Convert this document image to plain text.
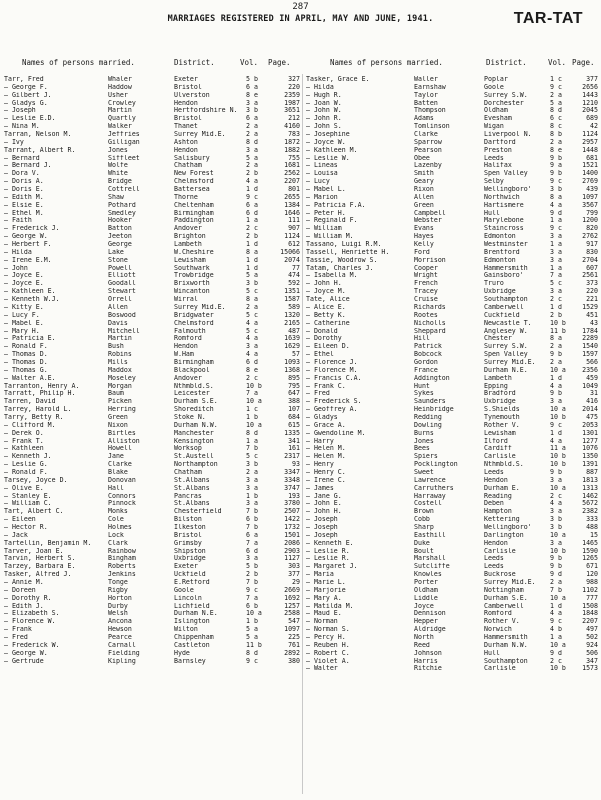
287
MARRIAGES REGISTERED IN APRIL, MAY AND JUNE, 1941.	TAR-TAT
Names of persons married.	District.	Vol. Page.	Names of persons married.	District.	Vol. Page.
Tarr, Fred	Whaler	Exeter	5 b	327
— George F.	Haddow	Bristol	6 a	220
— Gilbert J.	Usher	Ulverston	8 e	2359
— Gladys G.	Crowley	Hendon	3 a	1987
— Joseph	Martin	Hertfordshire N.	3 b	3651
— Leslie E.D.	Quartly	Bristol	6 a	212
— Nina M.	Walker	Thanet	2 a	4160
Tarran, Nelson M.	Jeffries	Surrey Mid.E.	2 a	783
— Ivy	Gilligan	Ashton	8 d	1872
Tarrant, Albert R.	Jones	Hendon	3 a	1882
— Bernard	Siffleet	Salisbury	5 a	755
— Bernard J.	Wolfe	Chatham	2 a	1681
— Dora V.	White	New Forest	2 b	2562
— Doris A.	Bridge	Chelmsford	4 a	2207
— Doris E.	Cottrell	Battersea	1 d	801
— Edith M.	Shaw	Thorne	9 c	2655
— Elsie E.	Pothard	Cheltenham	6 a	1384
— Ethel M.	Smedley	Birmingham	6 d	1646
— Faith	Hooker	Paddington	1 a	111
— Frederick J.	Batton	Andover	2 c	907
— George W.	Jeeton	Brighton	2 b	1124
— Herbert F.	George	Lambeth	1 d	612
— Hilda	Lake	W.Cheshire	8 a	15066
— Irene E.M.	Stone	Lewisham	1 d	2074
— John	Powell	Southwark	1 d	77
— Joyce E.	Elliott	Trowbridge	5 a	474
— Joyce E.	Goodall	Brixworth	3 b	592
— Kathleen E.	Stewart	Wincanton	5 c	1351
— Kenneth W.J.	Orrell	Wirral	8 a	1587
— Kitty E.	Allen	Surrey Mid.E.	2 a	589
— Lucy F.	Boswood	Bridgwater	5 c	1320
— Mabel E.	Davis	Chelmsford	4 a	2165
— Mary H.	Mitchell	Falmouth	5 c	487
— Patricia E.	Martin	Romford	4 a	1639
— Ronald F.	Bush	Hendon	3 a	1629
— Thomas D.	Robins	W.Ham	4 a	57
— Thomas D.	Mills	Birmingham	6 d	1093
— Thomas G.	Maddox	Blackpool	8 e	1368
— Walter A.E.	Moseley	Andover	2 c	895
Tarranton, Henry A.	Morgan	Nthmbld.S.	10 b	795
Tarratt, Philip H.	Baum	Leicester	7 a	647
Tarren, David	Picken	Durham S.E.	10 a	388
Tarrey, Harold L.	Herring	Shoreditch	1 c	107
Tarry, Betty R.	Green	Stoke N.	1 b	684
— Clifford M.	Nixon	Durham N.W.	10 a	615
— Derek O.	Birtles	Manchester	8 d	1335
— Frank T.	Alliston	Kensington	1 a	341
— Kathleen	Howell	Worksop	7 b	161
— Kenneth J.	Jane	St.Austell	5 c	2317
— Leslie G.	Clarke	Northampton	3 b	93
— Ronald F.	Blake	Chatham	2 a	3347
Tarsey, Joyce D.	Donovan	St.Albans	3 a	3348
— Olive E.	Hall	St.Albans	3 a	3747
— Stanley E.	Connors	Pancras	1 b	193
— William C.	Pinnock	St.Albans	3 a	3780
Tart, Albert C.	Monks	Chesterfield	7 b	2507
— Eileen	Cole	Bilston	6 b	1422
— Hector R.	Holmes	Ilkeston	7 b	1732
— Jack	Lock	Bristol	6 a	1501
Tartellin, Benjamin M.	Clark	Grimsby	7 a	2086
Tarver, Joan E.	Rainbow	Shipston	6 d	2903
Tarvin, Herbert S.	Bingham	Uxbridge	3 a	1127
Tarzey, Barbara E.	Roberts	Exeter	5 b	303
Tasker, Alfred J.	Jenkins	Uckfield	2 b	377
— Annie M.	Tonge	E.Retford	7 b	29
— Doreen	Rigby	Goole	9 c	2669
— Dorothy R.	Horton	Lincoln	7 a	1692
— Edith J.	Durby	Lichfield	6 b	1257
— Elizabeth S.	Welsh	Durham N.E.	10 a	2588
— Florence W.	Ancona	Islington	1 b	547
— Frank	Hewson	Wilton	5 a	1097
— Fred	Pearce	Chippenham	5 a	225
— Frederick W.	Carnall	Castleton	11 b	761
— George W.	Fielding	Hyde	8 d	2892
— Gertrude	Kipling	Barnsley	9 c	380
Tasker, Grace E.	Waller	Poplar	1 c	377
— Hilda	Earnshaw	Goole	9 c	2656
— Hugh R.	Taylor	Surrey S.W.	2 a	1443
— Joan W.	Batten	Dorchester	5 a	1210
— John W.	Thompson	Oldham	8 d	2045
— John R.	Adams	Evesham	6 c	689
— John S.	Tomlinson	Wigan	8 c	42
— Josephine	Clarke	Liverpool N.	8 b	1124
— Joyce W.	Sparrow	Dartford	2 a	2957
— Kathleen M.	Pearson	Preston	8 e	1448
— Leslie W.	Obee	Leeds	9 b	681
— Lineas	Lazenby	Halifax	9 a	1521
— Louisa	Smith	Spen Valley	9 b	1400
— Lucy	Geary	Selby	9 c	2769
— Mabel L.	Rixon	Wellingboro'	3 b	439
— Marion	Allen	Northwich	8 a	1097
— Patricia F.A.	Green	Hartismere	4 a	3567
— Peter H.	Campbell	Hull	9 d	799
— Reginald F.	Webster	Marylebone	1 a	1200
— William	Evans	Staincross	9 c	820
— William M.	Hayes	Edmonton	3 a	2762
Tassano, Luigi R.M.	Kelly	Westminster	1 a	917
Tassell, Henriette H.	Ford	Brentford	3 a	830
Tassie, Woodrow S.	Morrison	Edmonton	3 a	2704
Tatam, Charles J.	Cooper	Hammersmith	1 a	607
— Isabella M.	Wright	Gainsboro'	7 a	2561
— John H.	French	Truro	5 c	373
— Joyce M.	Tracey	Uxbridge	3 a	220
Tate, Alice	Cruise	Southampton	2 c	221
— Alice E.	Richards	Camberwell	1 d	1529
— Betty K.	Rootes	Cuckfield	2 b	451
— Catherine	Nicholls	Newcastle T.	10 b	43
— Donald	Sheppard	Anglesey W.	11 b	1784
— Dorothy	Hill	Chester	8 a	2289
— Eileen D.	Patrick	Surrey S.W.	2 a	1540
— Ethel	Bobcock	Spen Valley	9 b	1597
— Florence J.	Gordon	Surrey Mid.E.	2 a	566
— Florence M.	France	Durham N.E.	10 a	2356
— Francis C.A.	Addington	Lambeth	1 d	459
— Frank C.	Hunt	Epping	4 a	1049
— Fred	Sykes	Bradford	9 b	31
— Frederick S.	Saunders	Uxbridge	3 a	416
— Geoffrey A.	Heinbridge	S.Shields	10 a	2014
— Gladys	Redding	Tynemouth	10 b	475
— Grace A.	Dowling	Rother V.	9 c	2053
— Gwendoline M.	Burns	Lewisham	1 d	1301
— Harry	Jones	Ilford	4 a	1277
— Helen M.	Bees	Cardiff	11 a	1076
— Helen M.	Spiers	Carlisle	10 b	1350
— Henry	Pocklington	Nthmbld.S.	10 b	1391
— Henry C.	Sweet	Leeds	9 b	887
— Irene C.	Lawrence	Hendon	3 a	1813
— James	Carruthers	Durham E.	10 a	1313
— Jane G.	Harraway	Reading	2 c	1462
— John E.	Costell	Deben	4 a	5672
— John H.	Brown	Hampton	3 a	2382
— Joseph	Cobb	Kettering	3 b	333
— Joseph	Sharp	Wellingboro'	3 b	488
— Joseph	Easthill	Darlington	10 a	15
— Kenneth E.	Duke	Hendon	3 a	1465
— Leslie R.	Boult	Carlisle	10 b	1590
— Leslie R.	Marshall	Leeds	9 b	1265
— Margaret J.	Sutcliffe	Leeds	9 b	671
— Maria	Knowles	Buckrose	9 d	120
— Marie L.	Porter	Surrey Mid.E.	2 a	988
— Marjorie	Oldham	Nottingham	7 b	1102
— Mary A.	Liddle	Durham S.E.	10 a	777
— Matilda M.	Joyce	Camberwell	1 d	1508
— Maud E.	Dennison	Romford	4 a	1848
— Norman	Hepper	Rother V.	9 c	2207
— Norman S.	Aldridge	Norwich	4 b	497
— Percy H.	North	Hammersmith	1 a	502
— Reuben H.	Reed	Durham N.W.	10 a	924
— Robert C.	Johnson	Hull	9 d	506
— Violet A.	Harris	Southampton	2 c	347
— Walter	Ritchie	Carlisle	10 b	1573
